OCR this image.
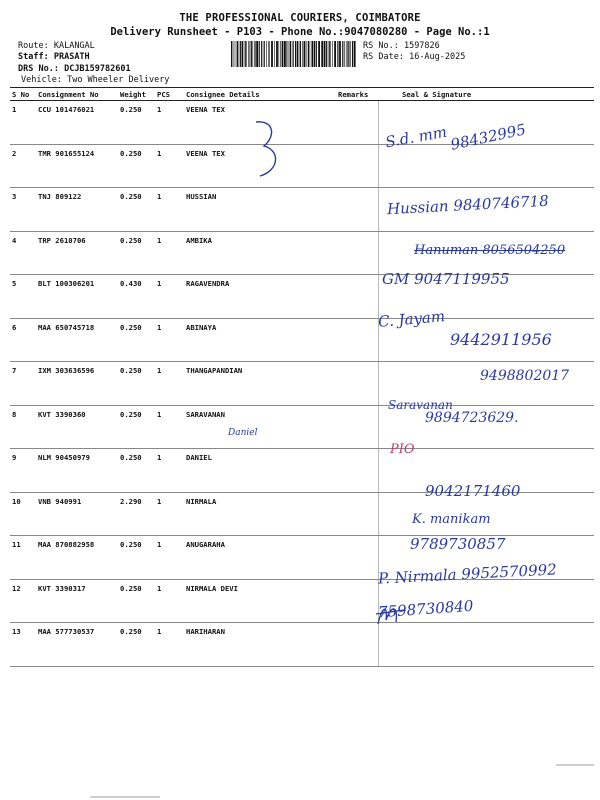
THE PROFESSIONAL COURIERS, COIMBATORE
Delivery Runsheet - P103 - Phone No.:9047080280 - Page No.:1
Route: KALANGAL
Staff: PRASATH
DRS No.: DCJB159782601
Vehicle: Two Wheeler Delivery
RS No.: 1597826
RS Date: 16-Aug-2025
S No	Consignment No	Weight	PCS	Consignee Details	Remarks	Seal & Signature
1	CCU 101476021	0.250	1	VEENA TEX		
2	TMR 901655124	0.250	1	VEENA TEX		
3	TNJ 809122	0.250	1	HUSSIAN		
4	TRP 2610706	0.250	1	AMBIKA		
5	BLT 100306201	0.430	1	RAGAVENDRA		
6	MAA 650745718	0.250	1	ABINAYA		
7	IXM 303636596	0.250	1	THANGAPANDIAN		
8	KVT 3390360	0.250	1	SARAVANAN		
9	NLM 90450979	0.250	1	DANIEL		
10	VNB 940991	2.290	1	NIRMALA		
11	MAA 870882958	0.250	1	ANUGARAHA		
12	KVT 3390317	0.250	1	NIRMALA DEVI		
13	MAA 577730537	0.250	1	HARIHARAN		
Daniel
S.d. mm 98432995
Hussian 9840746718
Hanuman 8056504250
GM 9047119955
C. Jayam
9442911956
9498802017
Saravanan
9894723629.
PIO
9042171460
K. manikam
9789730857
P. Nirmala 9952570992
7598730840
